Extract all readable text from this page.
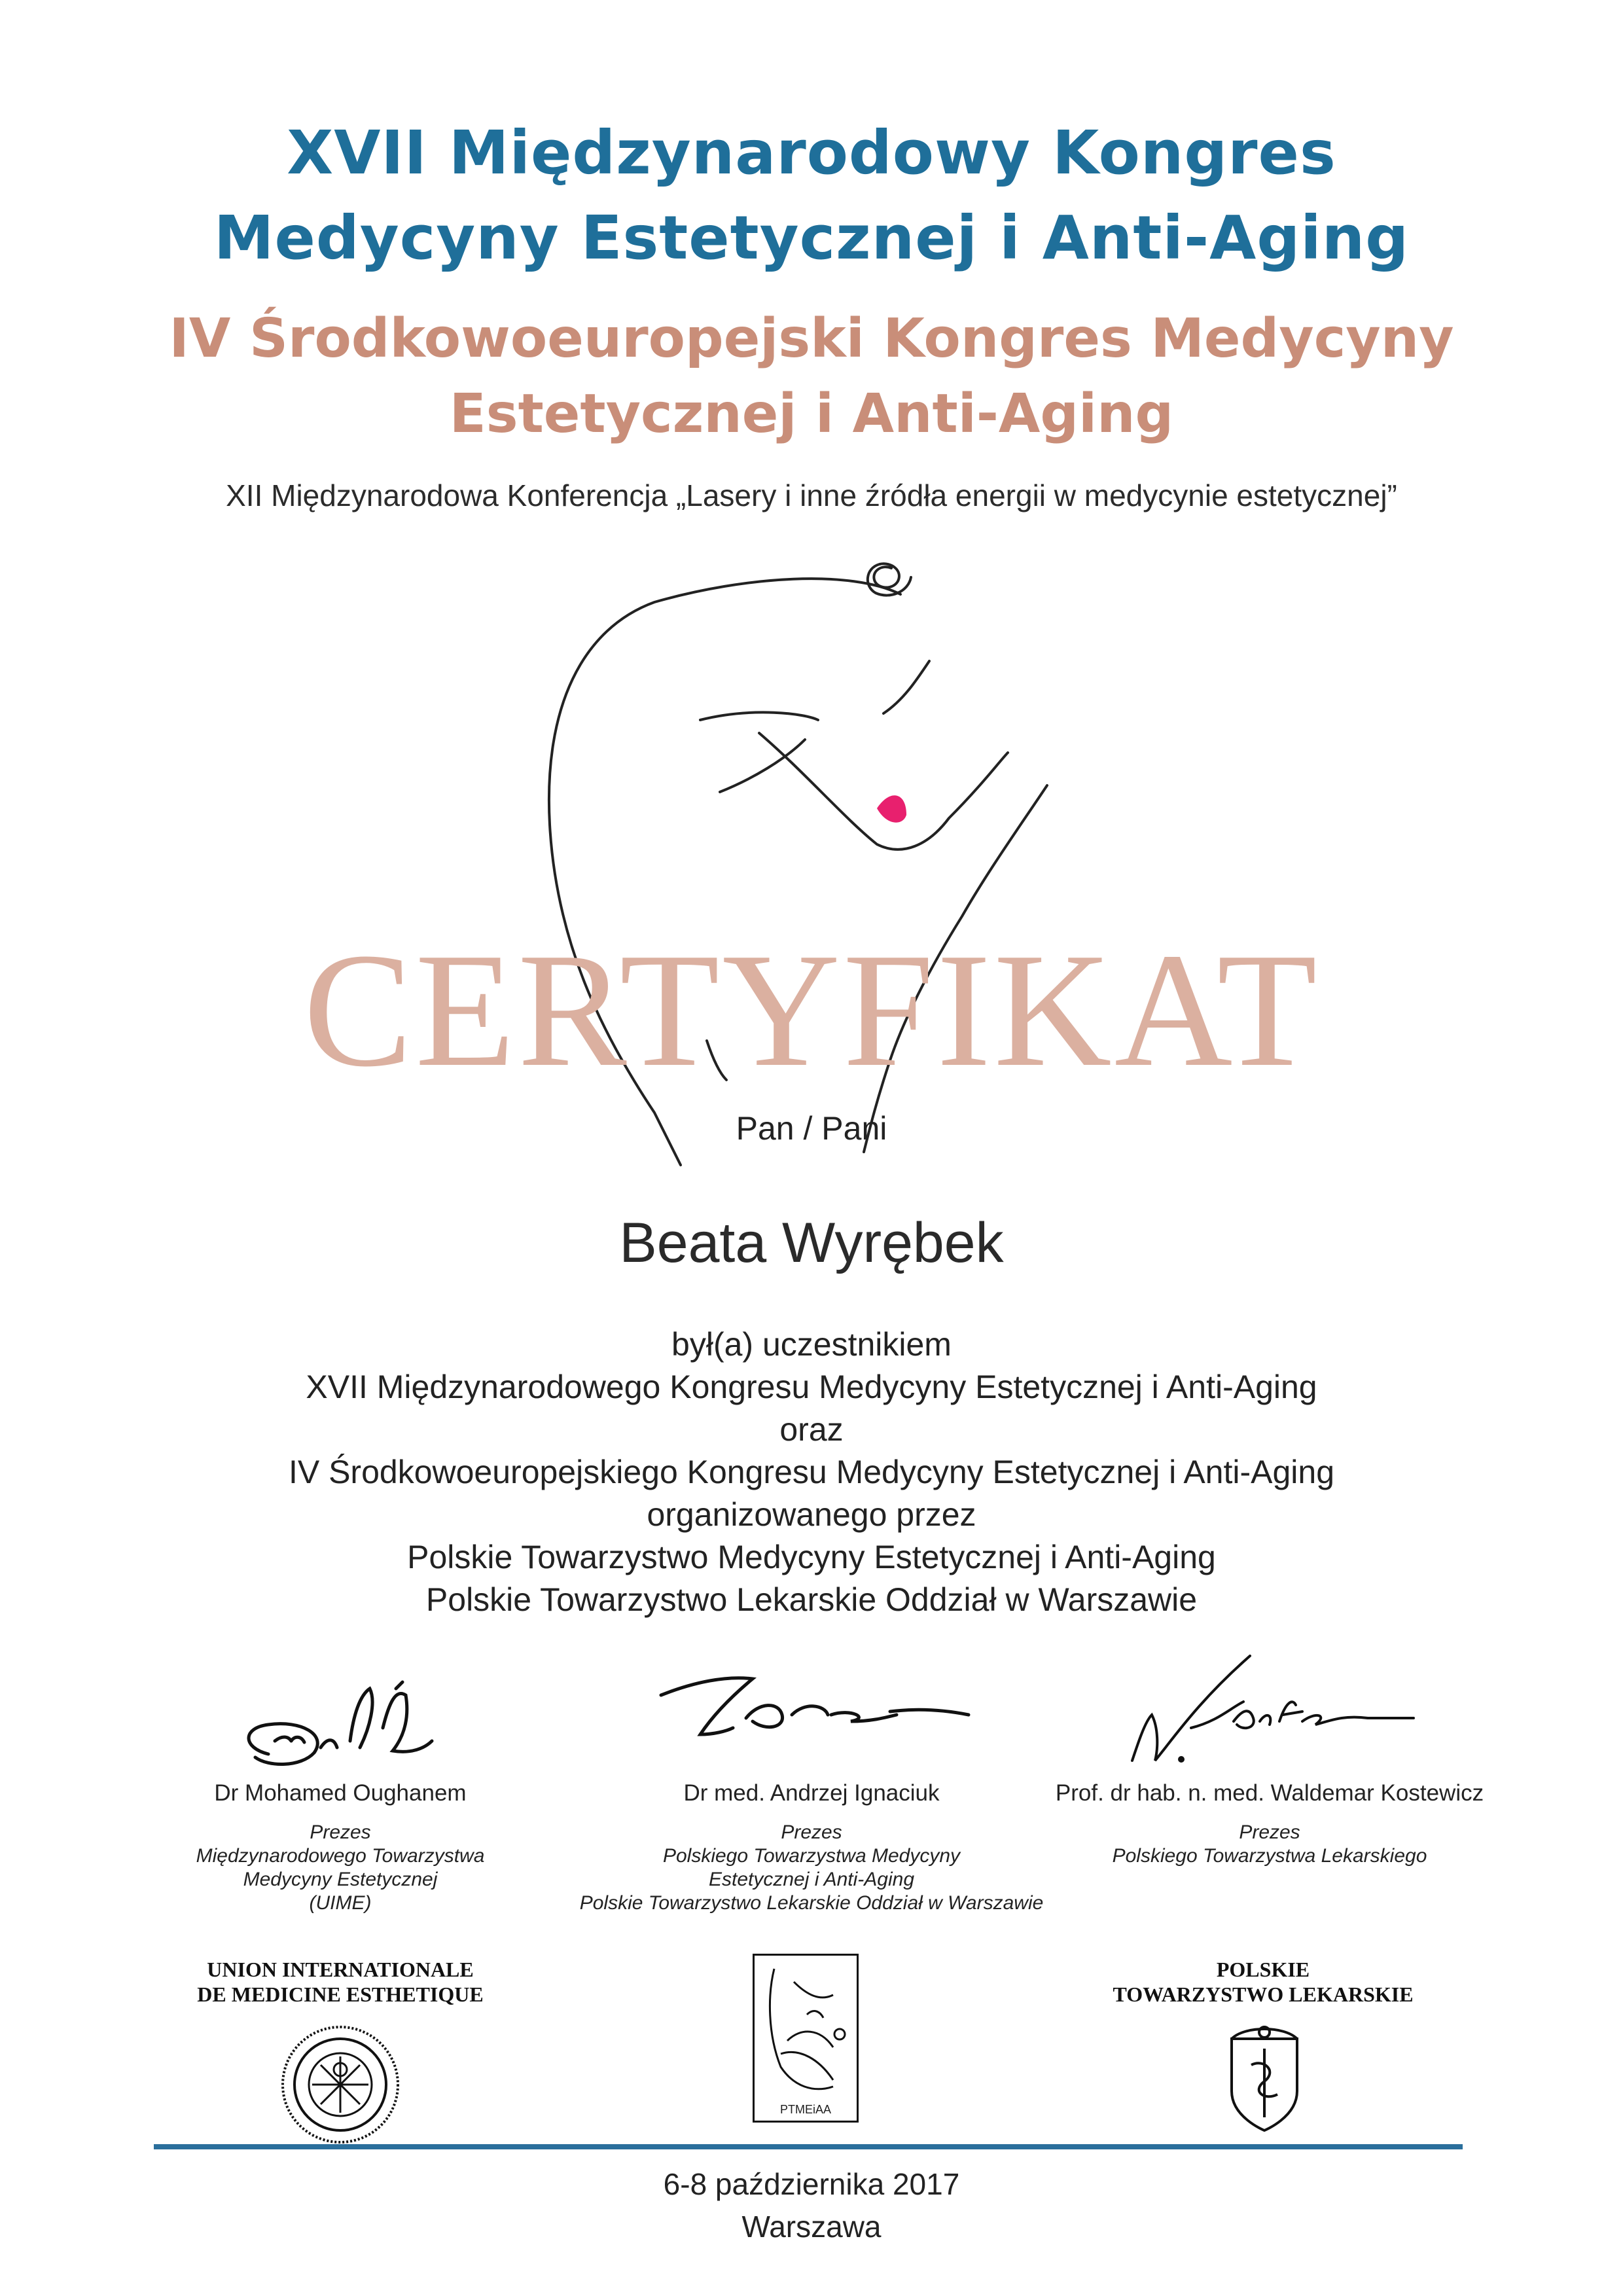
XVII Międzynarodowy Kongres
Medycyny Estetycznej i Anti-Aging
IV Środkowoeuropejski Kongres Medycyny
Estetycznej i Anti-Aging
XII Międzynarodowa Konferencja „Lasery i inne źródła energii w medycynie estetycznej”
CERTYFIKAT
Pan / Pani
Beata Wyrębek
był(a) uczestnikiem
XVII Międzynarodowego Kongresu Medycyny Estetycznej i Anti-Aging
oraz
IV Środkowoeuropejskiego Kongresu Medycyny Estetycznej i Anti-Aging
organizowanego przez
Polskie Towarzystwo Medycyny Estetycznej i Anti-Aging
Polskie Towarzystwo Lekarskie Oddział w Warszawie
Dr Mohamed Oughanem	Dr med. Andrzej Ignaciuk	Prof. dr hab. n. med. Waldemar Kostewicz
Prezes
Międzynarodowego Towarzystwa
Medycyny Estetycznej
(UIME)
Prezes
Polskiego Towarzystwa Medycyny
Estetycznej i Anti-Aging
Polskie Towarzystwo Lekarskie Oddział w Warszawie
Prezes
Polskiego Towarzystwa Lekarskiego
UNION INTERNATIONALE
DE MEDICINE ESTHETIQUE
POLSKIE
TOWARZYSTWO LEKARSKIE
PTMEiAA
6-8 października 2017
Warszawa
